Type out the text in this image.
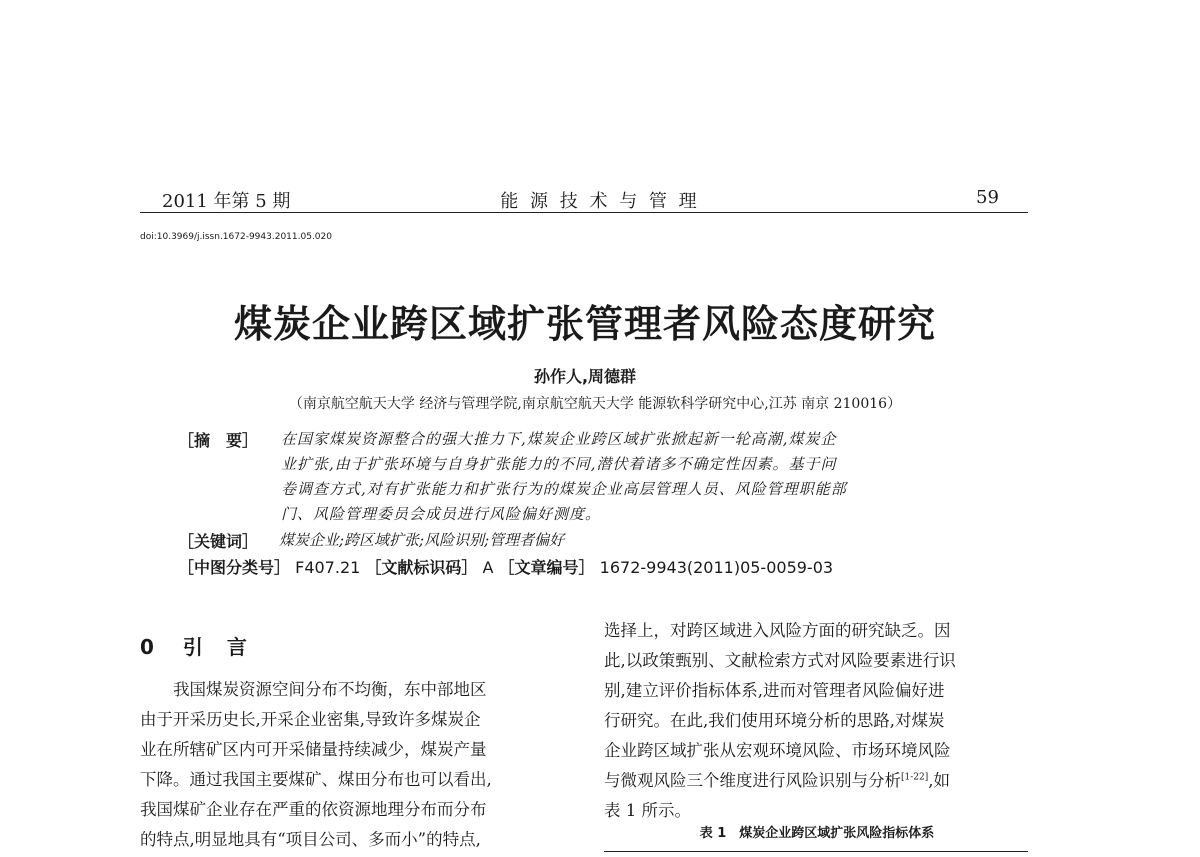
2011 年第 5 期	能 源 技 术 与 管 理	59
doi:10.3969/j.issn.1672-9943.2011.05.020
煤炭企业跨区域扩张管理者风险态度研究
孙作人,周德群
（南京航空航天大学 经济与管理学院,南京航空航天大学 能源软科学研究中心,江苏 南京 210016）
［摘　要］ 在国家煤炭资源整合的强大推力下,煤炭企业跨区域扩张掀起新一轮高潮,煤炭企
业扩张,由于扩张环境与自身扩张能力的不同,潜伏着诸多不确定性因素。基于问
卷调查方式,对有扩张能力和扩张行为的煤炭企业高层管理人员、风险管理职能部
门、风险管理委员会成员进行风险偏好测度。
［关键词］ 煤炭企业;跨区域扩张;风险识别;管理者偏好
［中图分类号］ F407.21 ［文献标识码］ A ［文章编号］ 1672-9943(2011)05-0059-03
0 引　言
　　我国煤炭资源空间分布不均衡，东中部地区
由于开采历史长,开采企业密集,导致许多煤炭企
业在所辖矿区内可开采储量持续减少，煤炭产量
下降。通过我国主要煤矿、煤田分布也可以看出,
我国煤矿企业存在严重的依资源地理分布而分布
的特点,明显地具有“项目公司、多而小”的特点,
选择上，对跨区域进入风险方面的研究缺乏。因
此,以政策甄别、文献检索方式对风险要素进行识
别,建立评价指标体系,进而对管理者风险偏好进
行研究。在此,我们使用环境分析的思路,对煤炭
企业跨区域扩张从宏观环境风险、市场环境风险
与微观风险三个维度进行风险识别与分析[1-22],如
表 1 所示。
表 1　煤炭企业跨区域扩张风险指标体系
